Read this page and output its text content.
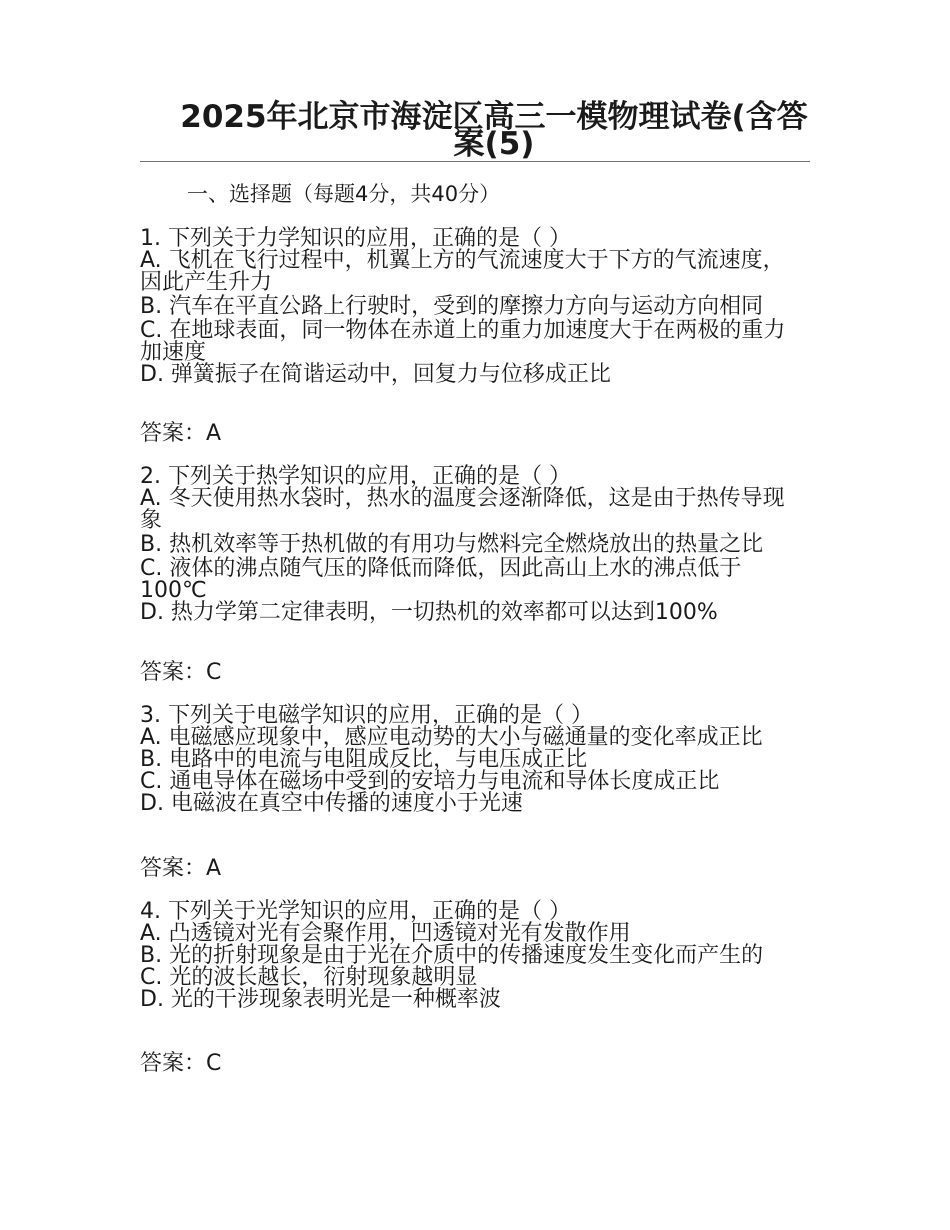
2025年北京市海淀区高三一模物理试卷(含答案(5)
一、选择题（每题4分，共40分）
1. 下列关于力学知识的应用，正确的是（ ）
A. 飞机在飞行过程中，机翼上方的气流速度大于下方的气流速度，因此产生升力
B. 汽车在平直公路上行驶时，受到的摩擦力方向与运动方向相同
C. 在地球表面，同一物体在赤道上的重力加速度大于在两极的重力加速度
D. 弹簧振子在简谐运动中，回复力与位移成正比
答案：A
2. 下列关于热学知识的应用，正确的是（ ）
A. 冬天使用热水袋时，热水的温度会逐渐降低，这是由于热传导现象
B. 热机效率等于热机做的有用功与燃料完全燃烧放出的热量之比
C. 液体的沸点随气压的降低而降低，因此高山上水的沸点低于100℃
D. 热力学第二定律表明，一切热机的效率都可以达到100%
答案：C
3. 下列关于电磁学知识的应用，正确的是（ ）
A. 电磁感应现象中，感应电动势的大小与磁通量的变化率成正比
B. 电路中的电流与电阻成反比，与电压成正比
C. 通电导体在磁场中受到的安培力与电流和导体长度成正比
D. 电磁波在真空中传播的速度小于光速
答案：A
4. 下列关于光学知识的应用，正确的是（ ）
A. 凸透镜对光有会聚作用，凹透镜对光有发散作用
B. 光的折射现象是由于光在介质中的传播速度发生变化而产生的
C. 光的波长越长，衍射现象越明显
D. 光的干涉现象表明光是一种概率波
答案：C
